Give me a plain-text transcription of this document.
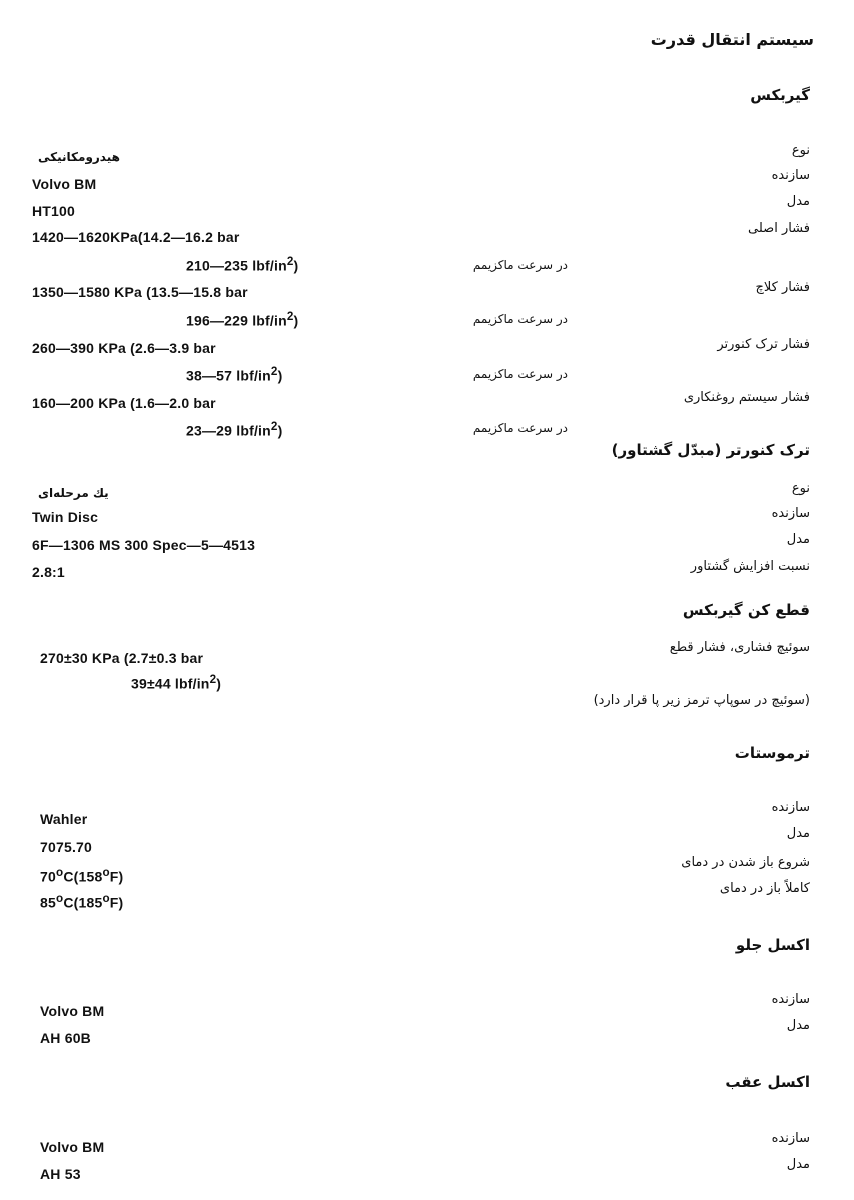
سیستم انتقال قدرت
گیربکس
نوع
هیدرومکانیکی
سازنده
Volvo BM
مدل
HT100
فشار اصلی
1420—1620KPa(14.2—16.2 bar
210—235 lbf/$in^2$)	در سرعت ماکزیمم
فشار کلاچ
1350—1580 KPa (13.5—15.8 bar
196—229 lbf/$in^2$)	در سرعت ماکزیمم
فشار ترک کنورتر
260—390 KPa (2.6—3.9 bar
38—57 lbf/$in^2$)	در سرعت ماکزیمم
فشار سیستم روغنکاری
160—200 KPa (1.6—2.0 bar
23—29 lbf/$in^2$)	در سرعت ماکزیمم
ترک کنورتر (مبدّل گشتاور)
نوع
یك مرحله‌ای
سازنده
Twin Disc
مدل
6F—1306 MS 300 Spec—5—4513
نسبت افزایش گشتاور
2.8:1
قطع کن گیربکس
سوئیچ فشاری، فشار قطع
270±30 KPa (2.7±0.3 bar
39±44 lbf/$in^2$)
(سوئیچ در سوپاپ ترمز زیر پا قرار دارد)
ترموستات
سازنده
Wahler
مدل
7075.70
شروع باز شدن در دمای
70$^o$C(158$^o$F)
کاملاً باز در دمای
85$^o$C(185$^o$F)
اکسل جلو
سازنده
Volvo BM
مدل
AH 60B
اکسل عقب
سازنده
Volvo BM
مدل
AH 53
